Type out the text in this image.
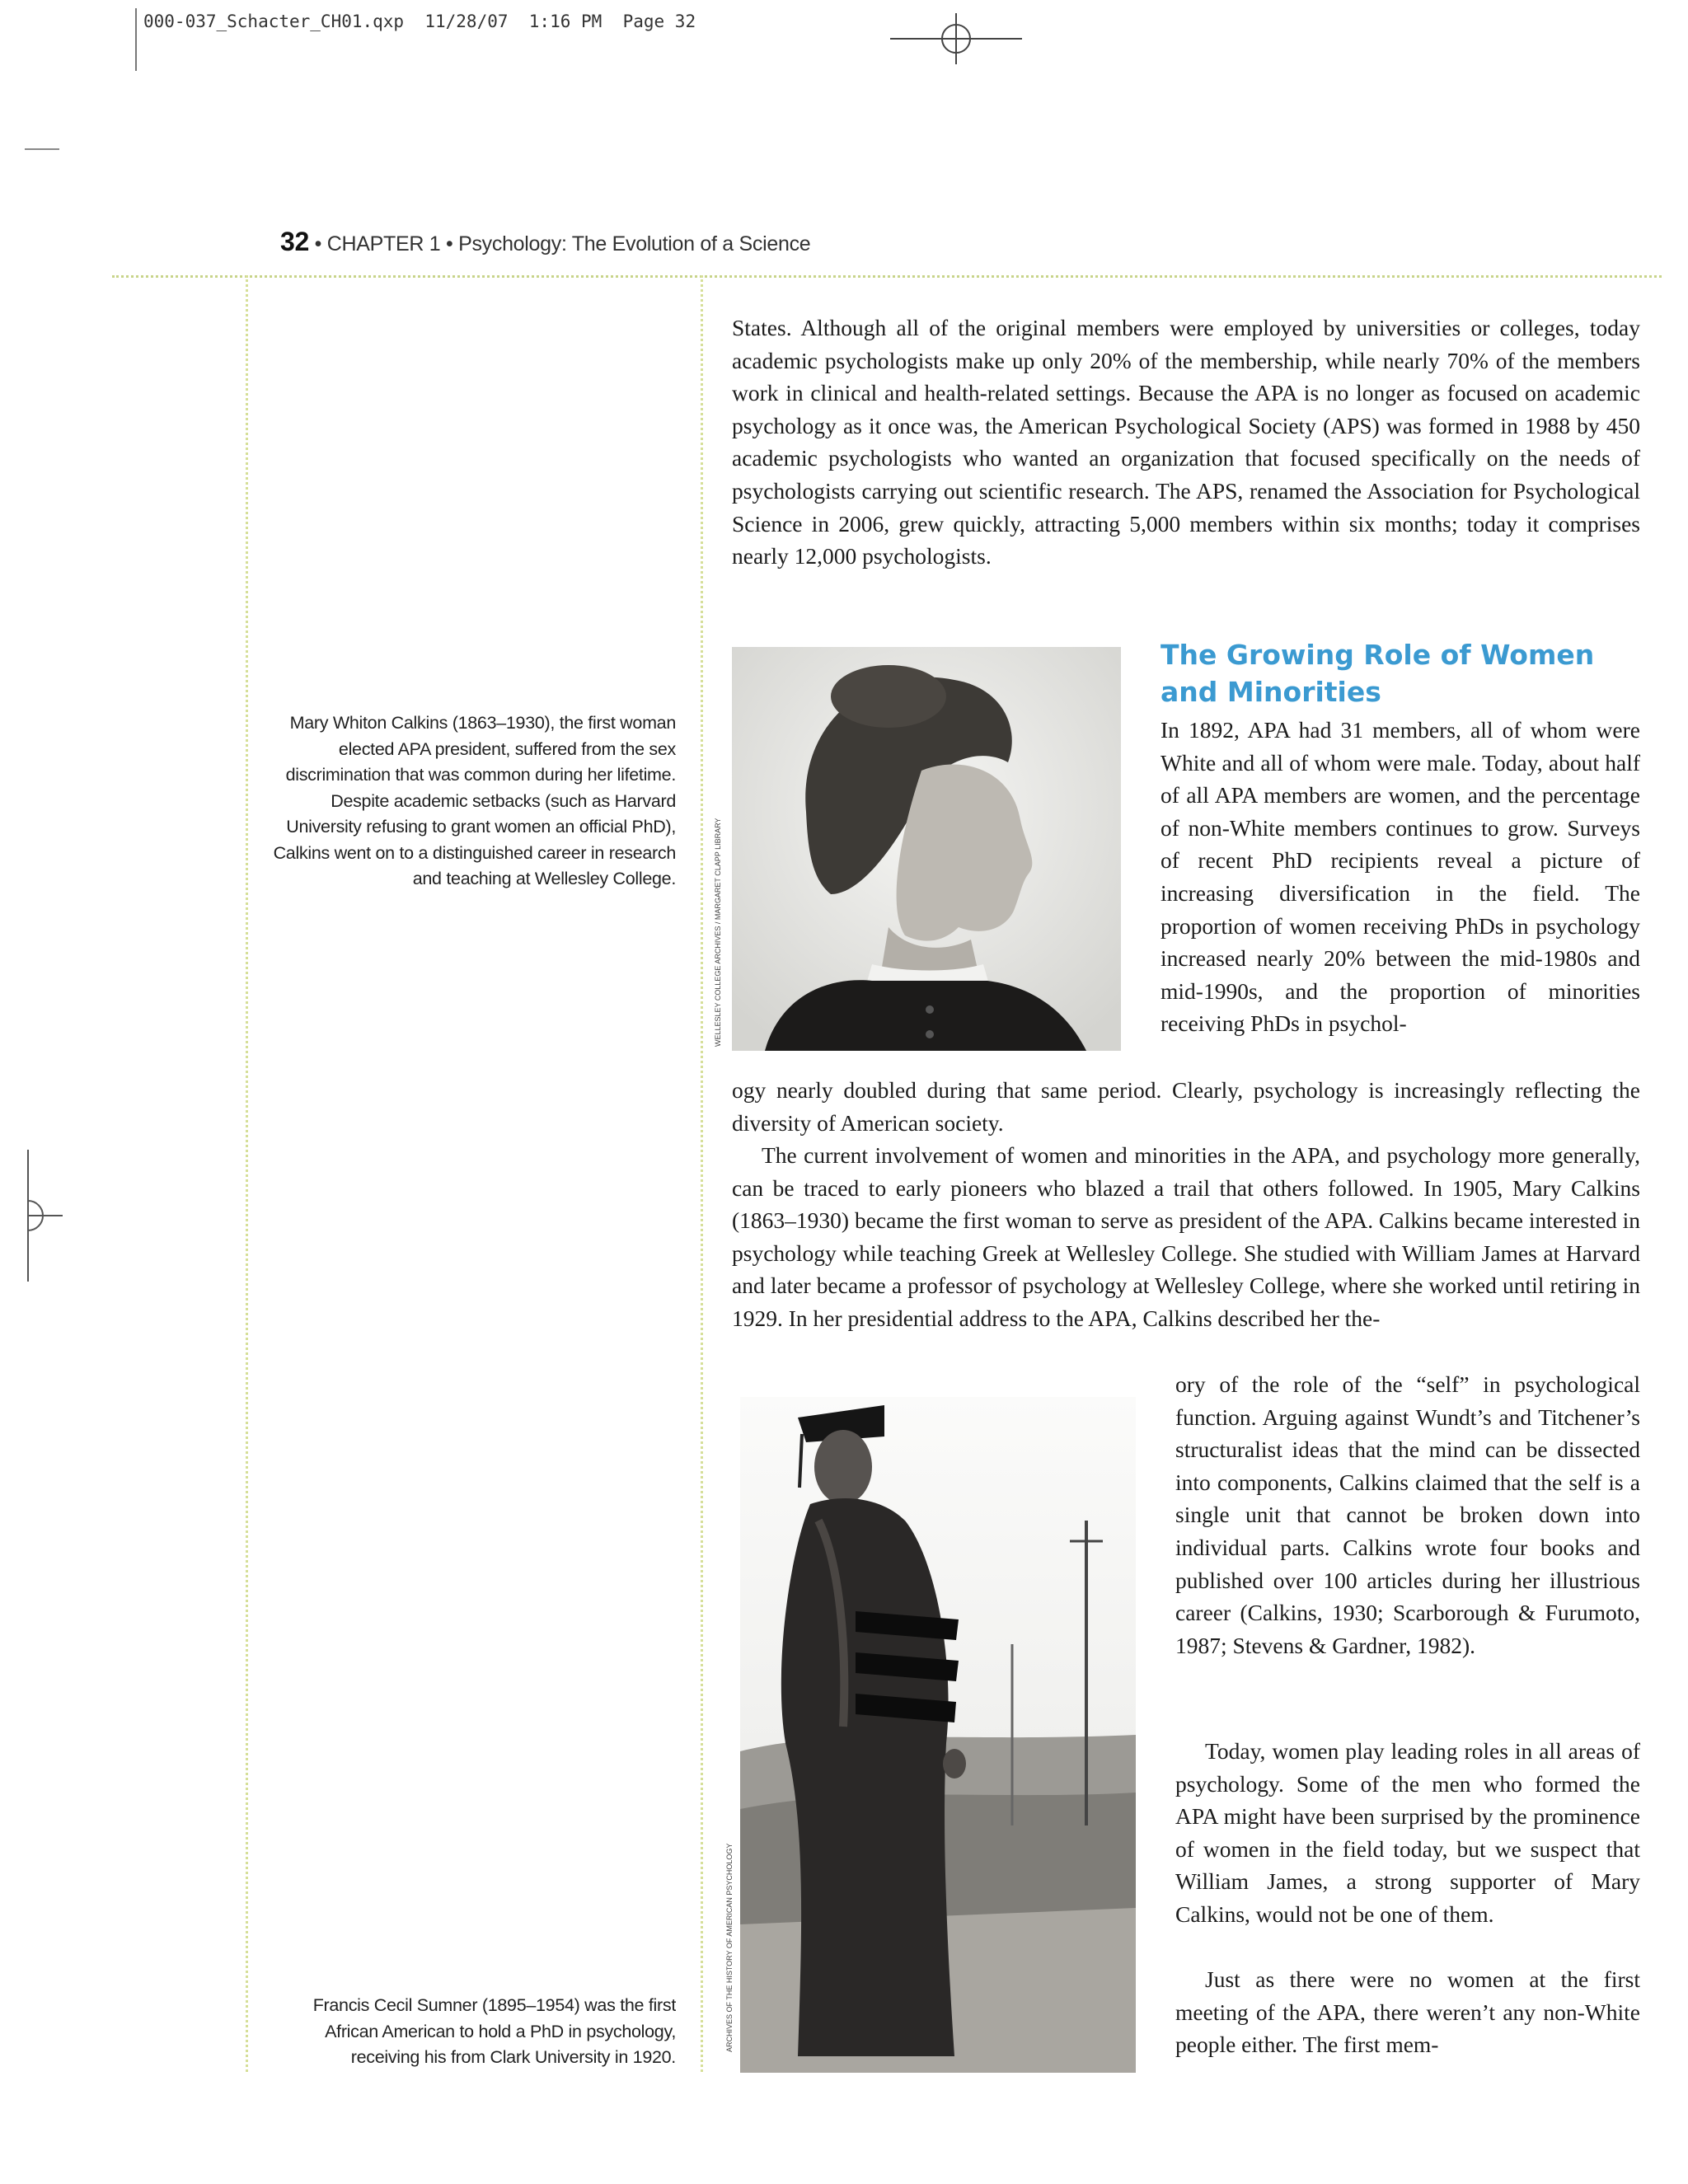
000-037_Schacter_CH01.qxp  11/28/07  1:16 PM  Page 32
32 • CHAPTER 1 • Psychology: The Evolution of a Science
States. Although all of the original members were employed by universities or colleges, today academic psychologists make up only 20% of the membership, while nearly 70% of the members work in clinical and health-related settings. Because the APA is no longer as focused on academic psychology as it once was, the American Psychological Society (APS) was formed in 1988 by 450 academic psychologists who wanted an organization that focused specifically on the needs of psychologists carrying out scientific research. The APS, renamed the Association for Psychological Science in 2006, grew quickly, attracting 5,000 members within six months; today it comprises nearly 12,000 psychologists.
The Growing Role of Women and Minorities
In 1892, APA had 31 members, all of whom were White and all of whom were male. Today, about half of all APA members are women, and the percentage of non-White members continues to grow. Surveys of recent PhD recipients reveal a picture of increasing diversification in the field. The proportion of women receiving PhDs in psychology increased nearly 20% between the mid-1980s and mid-1990s, and the proportion of minorities receiving PhDs in psychol-
ogy nearly doubled during that same period. Clearly, psychology is increasingly reflecting the diversity of American society.
The current involvement of women and minorities in the APA, and psychology more generally, can be traced to early pioneers who blazed a trail that others followed. In 1905, Mary Calkins (1863–1930) became the first woman to serve as president of the APA. Calkins became interested in psychology while teaching Greek at Wellesley College. She studied with William James at Harvard and later became a professor of psychology at Wellesley College, where she worked until retiring in 1929. In her presidential address to the APA, Calkins described her the-
ory of the role of the “self” in psychological function. Arguing against Wundt’s and Titchener’s structuralist ideas that the mind can be dissected into components, Calkins claimed that the self is a single unit that cannot be broken down into individual parts. Calkins wrote four books and published over 100 articles during her illustrious career (Calkins, 1930; Scarborough & Furumoto, 1987; Stevens & Gardner, 1982).
Today, women play leading roles in all areas of psychology. Some of the men who formed the APA might have been surprised by the prominence of women in the field today, but we suspect that William James, a strong supporter of Mary Calkins, would not be one of them.
Just as there were no women at the first meeting of the APA, there weren’t any non-White people either. The first mem-
Mary Whiton Calkins (1863–1930), the first woman elected APA president, suffered from the sex discrimination that was common during her lifetime. Despite academic setbacks (such as Harvard University refusing to grant women an official PhD), Calkins went on to a distinguished career in research and teaching at Wellesley College.
Francis Cecil Sumner (1895–1954) was the first African American to hold a PhD in psychology, receiving his from Clark University in 1920.
WELLESLEY COLLEGE ARCHIVES / MARGARET CLAPP LIBRARY
ARCHIVES OF THE HISTORY OF AMERICAN PSYCHOLOGY
